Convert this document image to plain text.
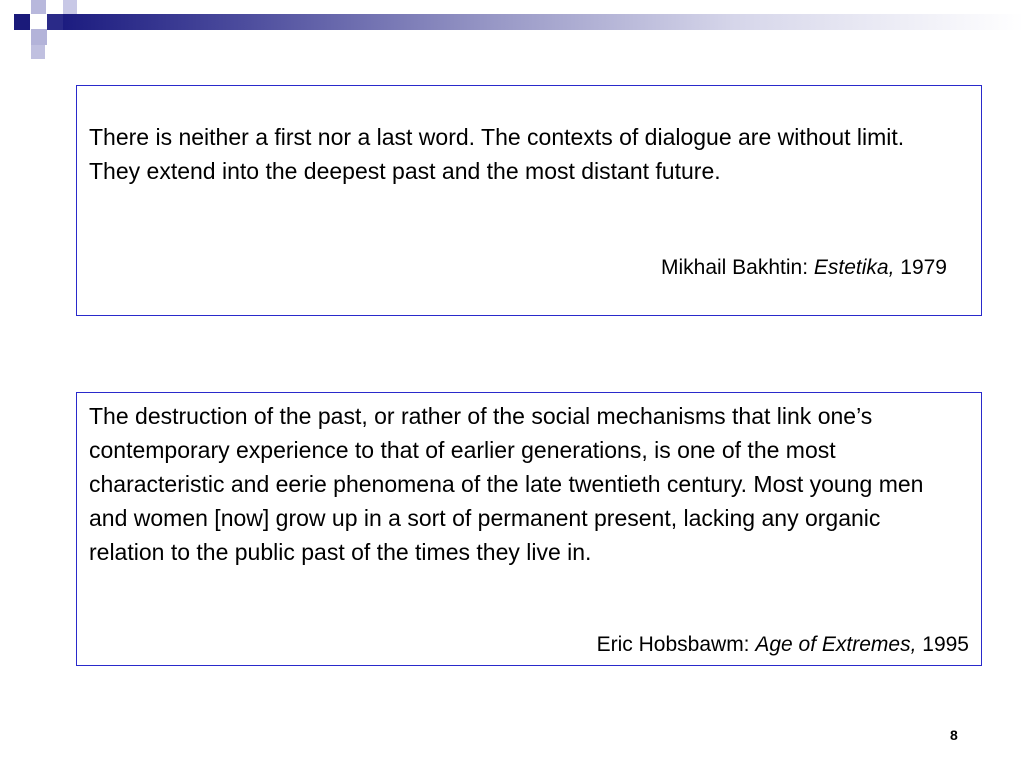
There is neither a first nor a last word. The contexts of dialogue are without limit. They extend into the deepest past and the most distant future.

Mikhail Bakhtin: Estetika, 1979

The destruction of the past, or rather of the social mechanisms that link one’s contemporary experience to that of earlier generations, is one of the most characteristic and eerie phenomena of the late twentieth century. Most young men and women [now] grow up in a sort of permanent present, lacking any organic relation to the public past of the times they live in.

Eric Hobsbawm: Age of Extremes, 1995

8
